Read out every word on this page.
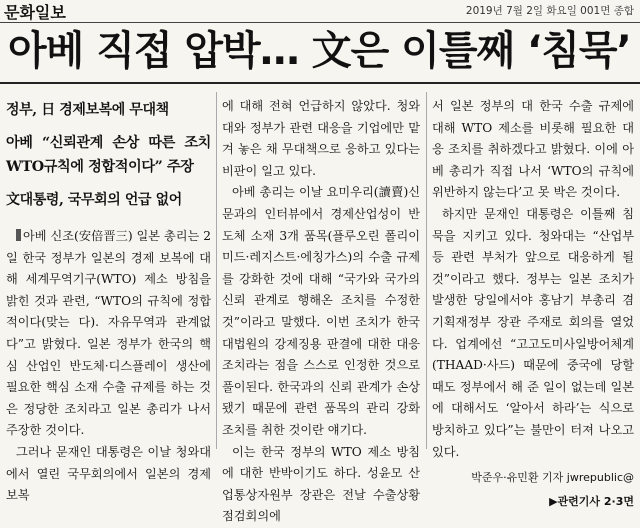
문화일보	2019년 7월 2일 화요일 001면 종합
아베 직접 압박… 文은 이틀째 ‘침묵’

정부, 日 경제보복에 무대책

아베 “신뢰관계 손상 따른 조치 WTO규칙에 정합적이다” 주장

文대통령, 국무회의 언급 없어

아베 신조(安倍晋三) 일본 총리는 2일 한국 정부가 일본의 경제 보복에 대해 세계무역기구(WTO) 제소 방침을 밝힌 것과 관련, “WTO의 규칙에 정합적이다(맞는 다). 자유무역과 관계없다”고 밝혔다. 일본 정부가 한국의 핵심 산업인 반도체·디스플레이 생산에 필요한 핵심 소재 수출 규제를 하는 것은 정당한 조치라고 일본 총리가 나서 주장한 것이다.

그러나 문재인 대통령은 이날 청와대에서 열린 국무회의에서 일본의 경제 보복

에 대해 전혀 언급하지 않았다. 청와대와 정부가 관련 대응을 기업에만 맡겨 놓은 채 무대책으로 응하고 있다는 비판이 일고 있다.

아베 총리는 이날 요미우리(讀賣)신문과의 인터뷰에서 경제산업성이 반도체 소재 3개 품목(플루오린 폴리이미드·레지스트·에칭가스)의 수출 규제를 강화한 것에 대해 “국가와 국가의 신뢰 관계로 행해온 조치를 수정한 것”이라고 말했다. 이번 조치가 한국 대법원의 강제징용 판결에 대한 대응 조치라는 점을 스스로 인정한 것으로 풀이된다. 한국과의 신뢰 관계가 손상됐기 때문에 관련 품목의 관리 강화 조치를 취한 것이란 얘기다.

이는 한국 정부의 WTO 제소 방침에 대한 반박이기도 하다. 성윤모 산업통상자원부 장관은 전날 수출상황점검회의에

서 일본 정부의 대 한국 수출 규제에 대해 WTO 제소를 비롯해 필요한 대응 조치를 취하겠다고 밝혔다. 이에 아베 총리가 직접 나서 ‘WTO의 규칙에 위반하지 않는다’고 못 박은 것이다.

하지만 문재인 대통령은 이틀째 침묵을 지키고 있다. 청와대는 “산업부 등 관련 부처가 앞으로 대응하게 될 것”이라고 했다. 정부는 일본 조치가 발생한 당일에서야 홍남기 부총리 겸 기획재정부 장관 주재로 회의를 열었다. 업계에선 “고고도미사일방어체계(THAAD·사드) 때문에 중국에 당할 때도 정부에서 해 준 일이 없는데 일본에 대해서도 ‘알아서 하라’는 식으로 방치하고 있다”는 불만이 터져 나오고 있다.

박준우·유민환 기자 jwrepublic@

▶관련기사 2·3면
